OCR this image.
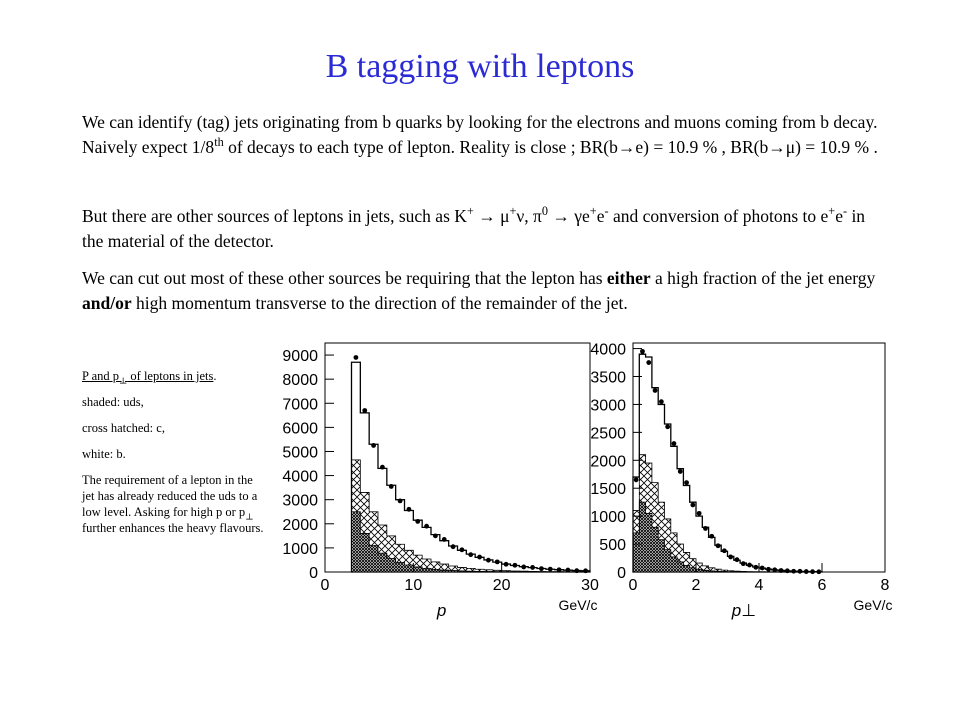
B tagging with leptons
We can identify (tag) jets originating from b quarks by looking for the electrons and muons coming from b decay. Naively expect 1/8th of decays to each type of lepton. Reality is close ; BR(b→e) = 10.9 % , BR(b→μ) = 10.9 % .
But there are other sources of leptons in jets, such as K+ → μ+ν, $\pi^0 \to \gamma e^+e^-$ and conversion of photons to e+e- in the material of the detector.
We can cut out most of these other sources be requiring that the lepton has either a high fraction of the jet energy and/or high momentum transverse to the direction of the remainder of the jet.

P and $p_\perp$ of leptons in jets.

shaded: uds,

cross hatched: c,

white: b.

The requirement of a lepton in the jet has already reduced the uds to a low level. Asking for high p or $p_\perp$ further enhances the heavy flavours.

0
1000
2000
3000
4000
5000
6000
7000
8000
9000
0	10	20	30
p	GeV/c
0
500
1000
1500
2000
2500
3000
3500
4000
0	2	4	6	8
p⊥	GeV/c
